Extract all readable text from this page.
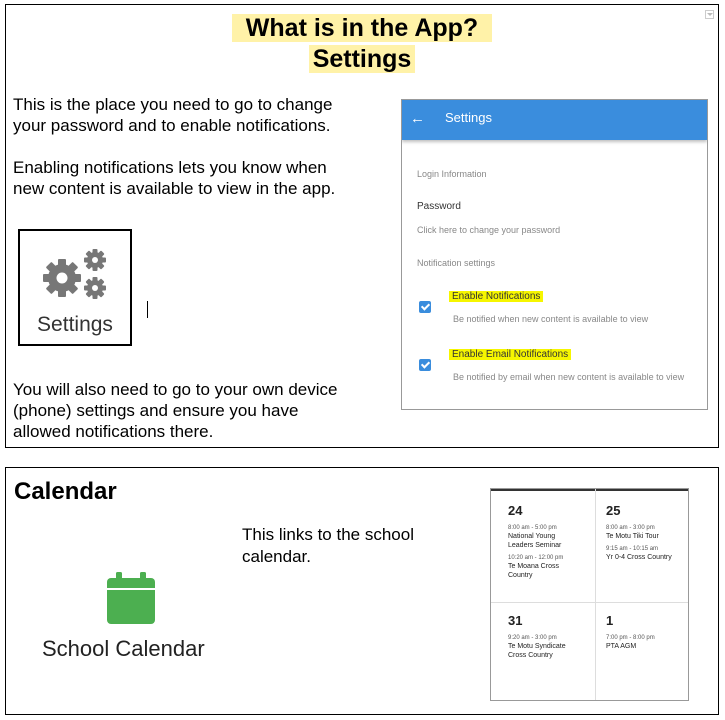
What is in the App?
Settings
This is the place you need to go to change
your password and to enable notifications.
Enabling notifications lets you know when
new content is available to view in the app.
Settings
You will also need to go to your own device
(phone) settings and ensure you have
allowed notifications there.
← Settings
Login Information
Password
Click here to change your password
Notification settings
Enable Notifications
Be notified when new content is available to view
Enable Email Notifications
Be notified by email when new content is available to view
Calendar
School Calendar
This links to the school
calendar.
24
8:00 am - 5:00 pm
National Young
Leaders Seminar
10:20 am - 12:00 pm
Te Moana Cross
Country
25
8:00 am - 3:00 pm
Te Motu Tiki Tour
9:15 am - 10:15 am
Yr 0-4 Cross Country
31
9:20 am - 3:00 pm
Te Motu Syndicate
Cross Country
1
7:00 pm - 8:00 pm
PTA AGM
